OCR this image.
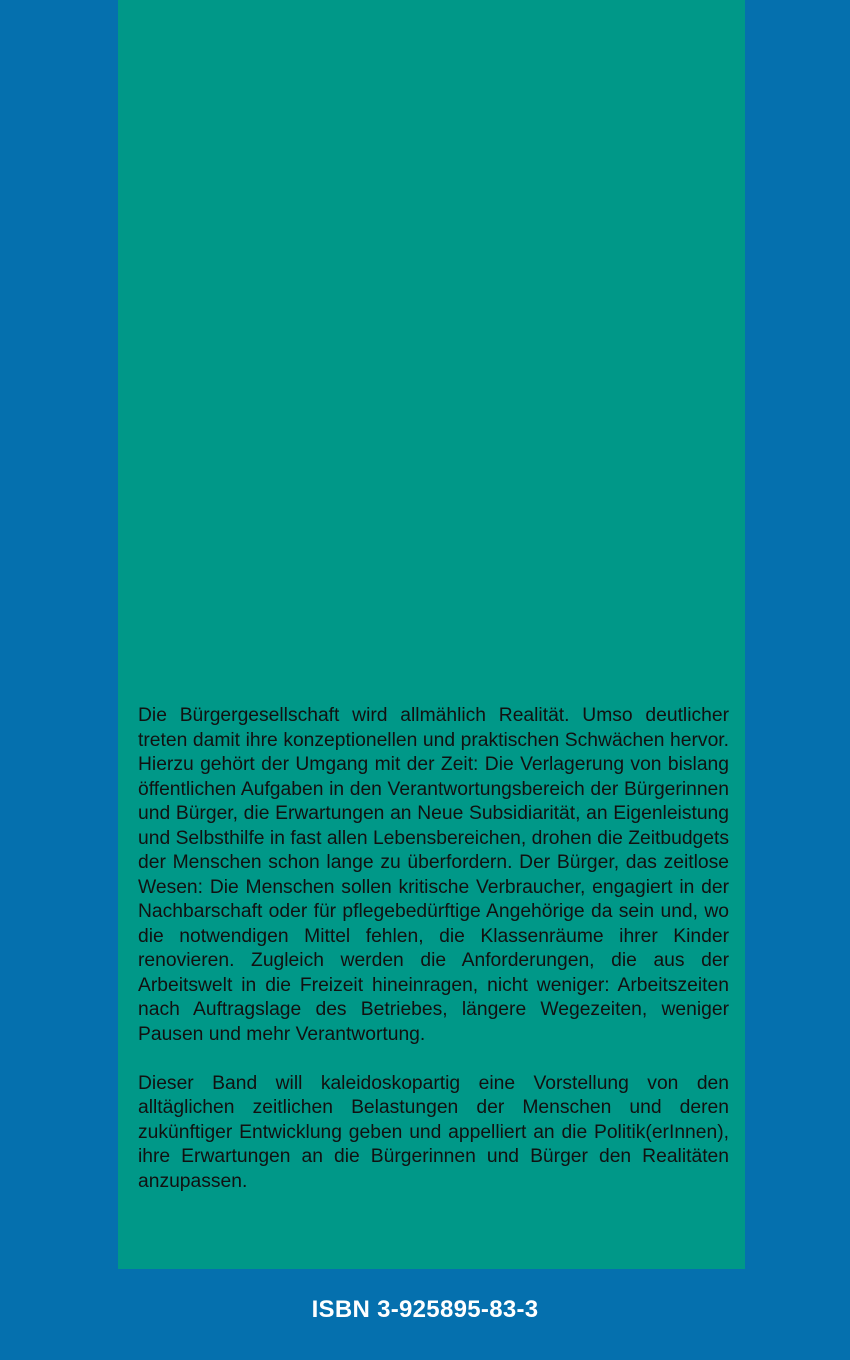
Die Bürgergesellschaft wird allmählich Realität. Umso deutlicher treten damit ihre konzeptionellen und praktischen Schwächen hervor. Hierzu gehört der Umgang mit der Zeit: Die Verlagerung von bislang öffentlichen Aufgaben in den Verantwortungsbereich der Bürgerinnen und Bürger, die Erwartungen an Neue Subsidiarität, an Eigenleistung und Selbsthilfe in fast allen Lebensbereichen, drohen die Zeitbudgets der Menschen schon lange zu überfordern. Der Bürger, das zeitlose Wesen: Die Menschen sollen kritische Verbraucher, engagiert in der Nachbarschaft oder für pflegebedürftige Angehörige da sein und, wo die notwendigen Mittel fehlen, die Klassenräume ihrer Kinder renovieren. Zugleich werden die Anforderungen, die aus der Arbeitswelt in die Freizeit hineinragen, nicht weniger: Arbeitszeiten nach Auftragslage des Betriebes, längere Wegezeiten, weniger Pausen und mehr Verantwortung.

Dieser Band will kaleidoskopartig eine Vorstellung von den alltäglichen zeitlichen Belastungen der Menschen und deren zukünftiger Entwicklung geben und appelliert an die Politik(erInnen), ihre Erwartungen an die Bürgerinnen und Bürger den Realitäten anzupassen.

ISBN 3-925895-83-3
